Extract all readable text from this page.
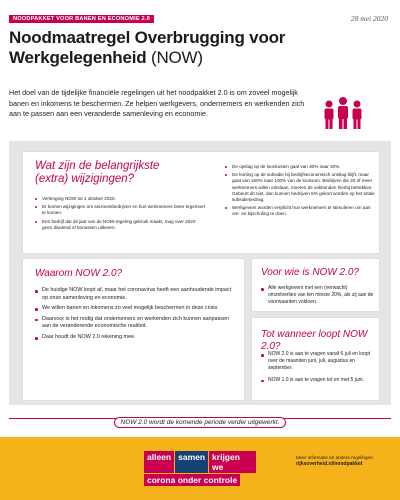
NOODPAKKET VOOR BANEN EN ECONOMIE 2.0	28 mei 2020
Noodmaatregel Overbrugging voor Werkgelegenheid (NOW)

Het doel van de tijdelijke financiële regelingen uit het noodpakket 2.0 is om zoveel mogelijk banen en inkomens te beschermen. Ze helpen werkgevers, ondernemers en werkenden zich aan te passen aan een veranderde samenleving en economie.

Wat zijn de belangrijkste (extra) wijzigingen?
Verlenging NOW tot 1 oktober 2020.
Er komen wijzigingen om seizoensbedrijven en hun werknemers beter tegemoet te komen.
Een bedrijf dat dit jaar van de NOW-regeling gebruik maakt, mag over 2020 geen dividend of bonussen uitkeren.
De opslag op de loonkosten gaat van 30% naar 40%.
De korting op de subsidie bij bedrijfseconomisch ontslag blijft, maar gaat van 150% naar 100% van de loonsom. Bedrijven die 20 of meer werknemers willen ontslaan, moeten de vakbonden hierbij betrekken. Gebeurt dit niet, dan kunnen bedrijven 5% gekort worden op het totale subsidiebedrag.
Werkgevers worden verplicht hun werknemers te stimuleren om aan om- en bijscholing te doen.
Waarom NOW 2.0?
De huidige NOW loopt af, maar het coronavirus heeft een aanhoudende impact op onze samenleving en economie.
We willen banen en inkomens zo veel mogelijk beschermen in deze crisis.
Daarvoor is het nodig dat ondernemers en werkenden zich kunnen aanpassen aan de veranderende economische realiteit.
Daar houdt de NOW 2.0 rekening mee.
Voor wie is NOW 2.0?
Alle werkgevers met een (verwacht) omzetverlies van ten minste 20%, als zij aan de voorwaarden voldoen.
Tot wanneer loopt NOW 2.0?
NOW 2.0 is aan te vragen vanaf 6 juli en loopt over de maanden juni, juli, augustus en september.
NOW 1.0 is aan te vragen tot en met 5 juni.
NOW 2.0 wordt de komende periode verder uitgewerkt.
alleen samen krijgen we
corona onder controle
Meer informatie en andere regelingen:
rijksoverheid.nl/noodpakket
